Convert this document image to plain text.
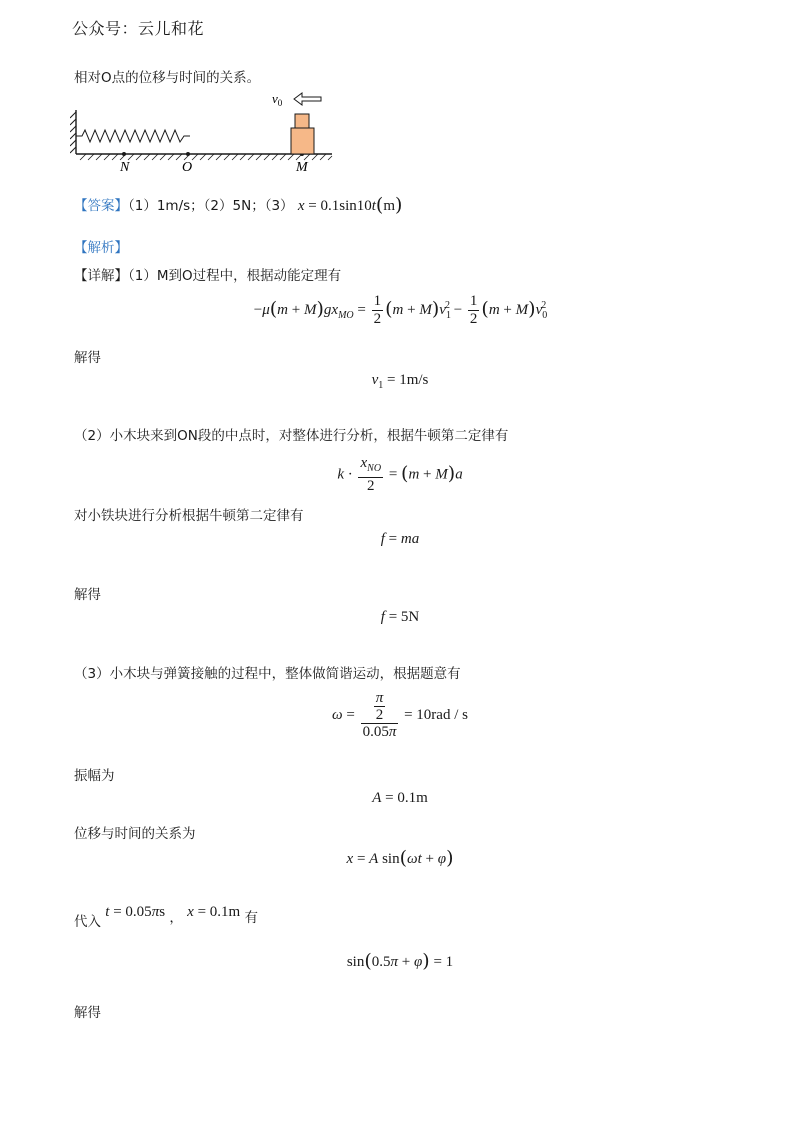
公众号：云儿和花
相对O点的位移与时间的关系。
N	O	M
$v_0$
【答案】（1）1m/s；（2）5N；（3） x = 0.1sin10t(m)
【解析】
【详解】（1）M到O过程中，根据动能定理有
$-\mu(m + M)gx_{MO} = \frac{1}{2} (m + M)v_1^2 - \frac{1}{2} (m + M)v_0^2$
解得
$v_1 = 1m/s$
（2）小木块来到ON段的中点时，对整体进行分析，根据牛顿第二定律有
$k \cdot \frac{x_{NO}}{2} = (m + M)a$
对小铁块进行分析根据牛顿第二定律有
f = ma
解得
f = 5N
（3）小木块与弹簧接触的过程中，整体做简谐运动，根据题意有
$\omega = \frac{\frac{\pi}{2}}{0.05\pi} = 10rad / s$
振幅为
A = 0.1m
位移与时间的关系为
x = A sin(ωt + φ)
代入 t = 0.05πs ， x = 0.1m 有
sin(0.5π + φ) = 1
解得
